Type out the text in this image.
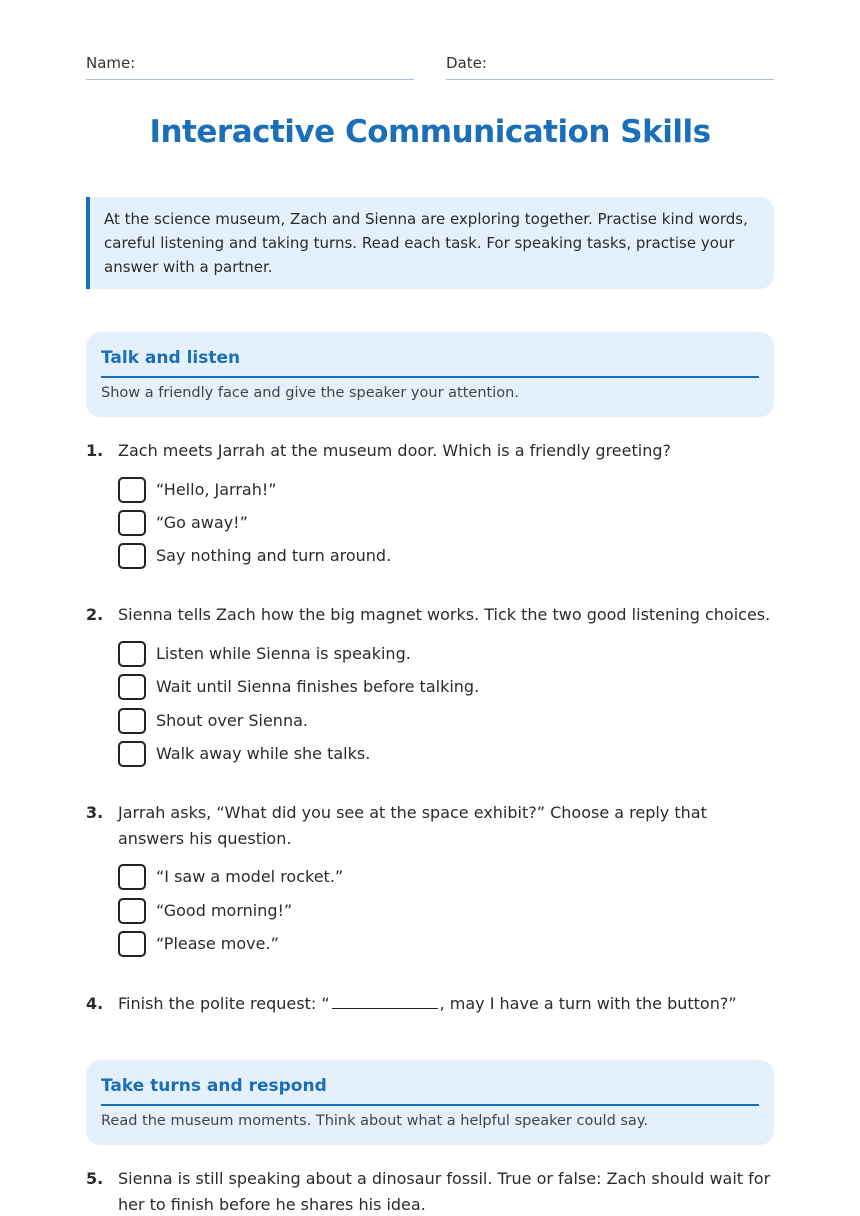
Name:	Date:
Interactive Communication Skills

At the science museum, Zach and Sienna are exploring together. Practise kind words, careful listening and taking turns. Read each task. For speaking tasks, practise your answer with a partner.

Talk and listen
Show a friendly face and give the speaker your attention.
1. Zach meets Jarrah at the museum door. Which is a friendly greeting?
“Hello, Jarrah!”
“Go away!”
Say nothing and turn around.
2. Sienna tells Zach how the big magnet works. Tick the two good listening choices.
Listen while Sienna is speaking.
Wait until Sienna finishes before talking.
Shout over Sienna.
Walk away while she talks.
3. Jarrah asks, “What did you see at the space exhibit?” Choose a reply that answers his question.
“I saw a model rocket.”
“Good morning!”
“Please move.”
4. Finish the polite request: “	, may I have a turn with the button?”
Take turns and respond
Read the museum moments. Think about what a helpful speaker could say.
5. Sienna is still speaking about a dinosaur fossil. True or false: Zach should wait for her to finish before he shares his idea.
